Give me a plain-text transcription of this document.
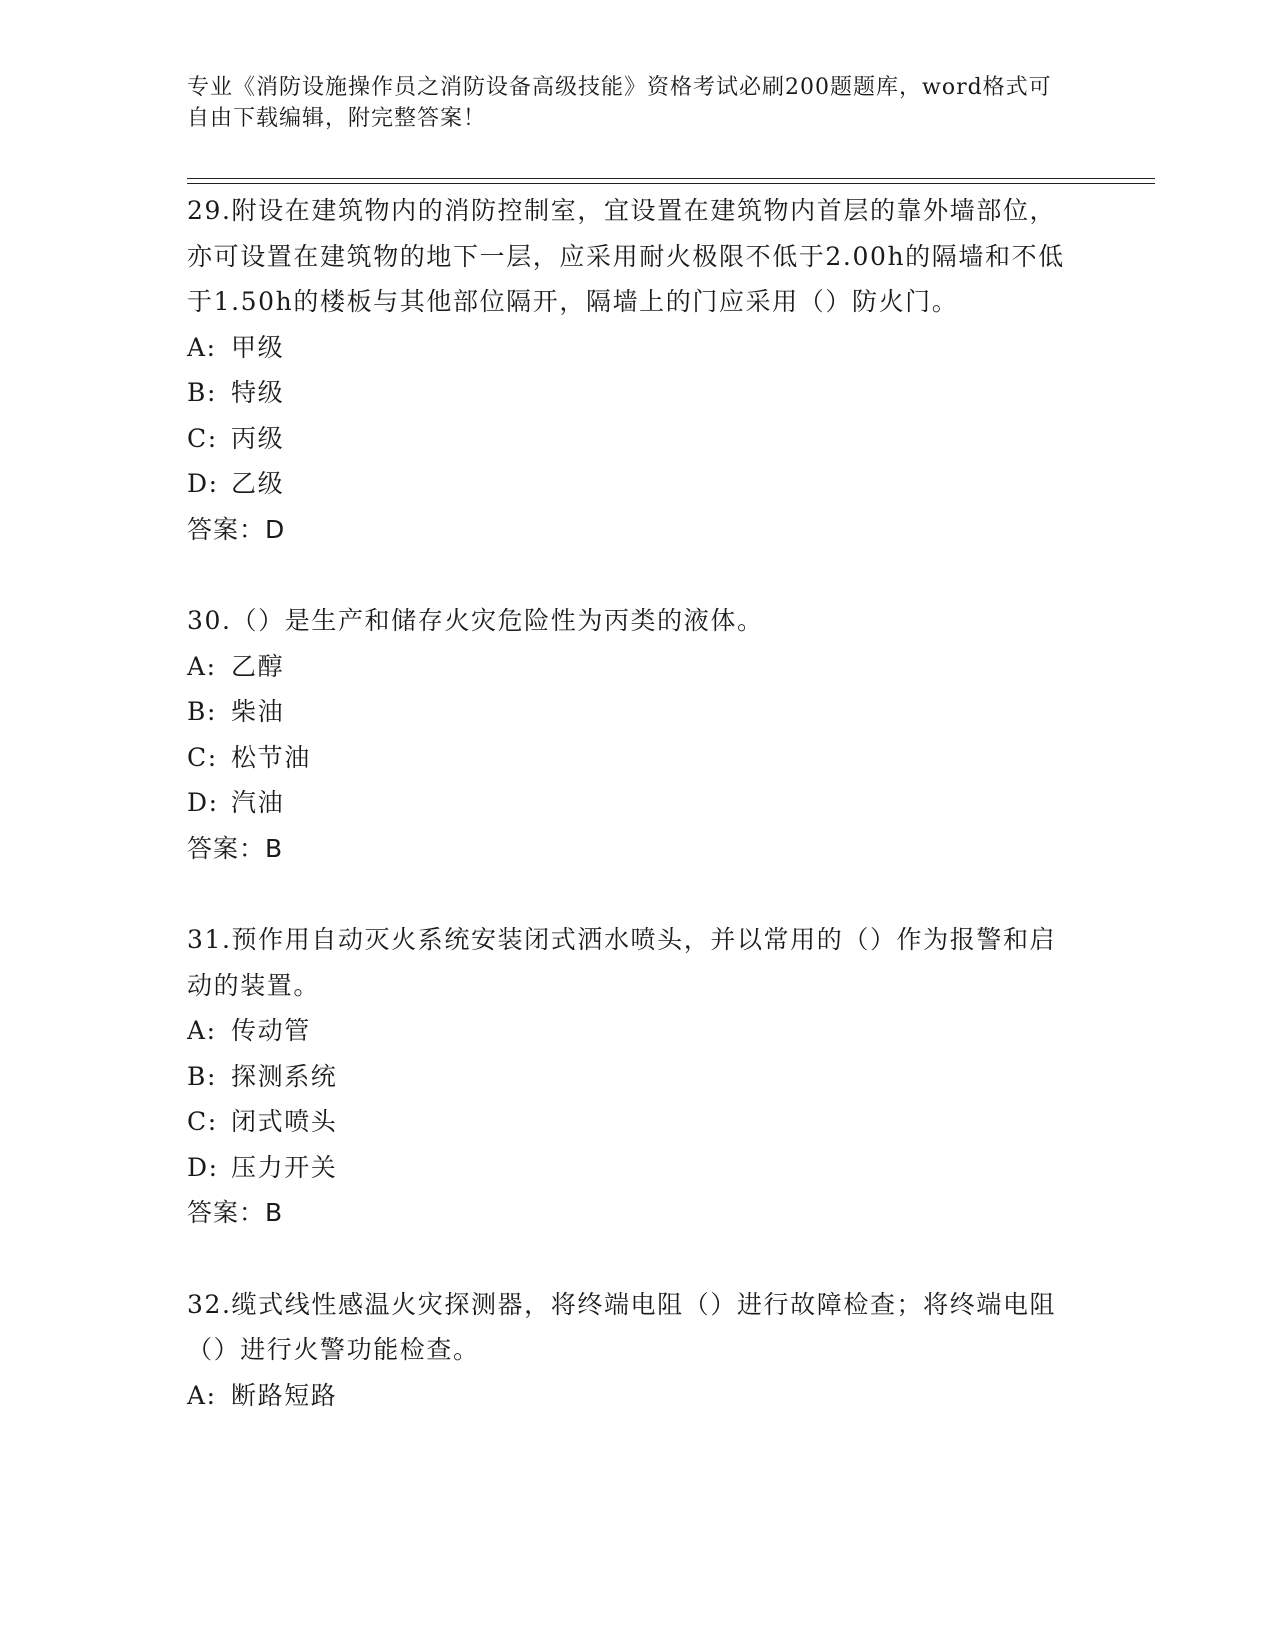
专业《消防设施操作员之消防设备高级技能》资格考试必刷200题题库，word格式可自由下载编辑，附完整答案！

29.附设在建筑物内的消防控制室，宜设置在建筑物内首层的靠外墙部位，亦可设置在建筑物的地下一层，应采用耐火极限不低于2.00h的隔墙和不低于1.50h的楼板与其他部位隔开，隔墙上的门应采用（）防火门。

A: 甲级

B: 特级

C: 丙级

D: 乙级

答案：D

30.（）是生产和储存火灾危险性为丙类的液体。

A: 乙醇

B: 柴油

C: 松节油

D: 汽油

答案：B

31.预作用自动灭火系统安装闭式洒水喷头，并以常用的（）作为报警和启动的装置。

A: 传动管

B: 探测系统

C: 闭式喷头

D: 压力开关

答案：B

32.缆式线性感温火灾探测器，将终端电阻（）进行故障检查；将终端电阻（）进行火警功能检查。

A: 断路短路
